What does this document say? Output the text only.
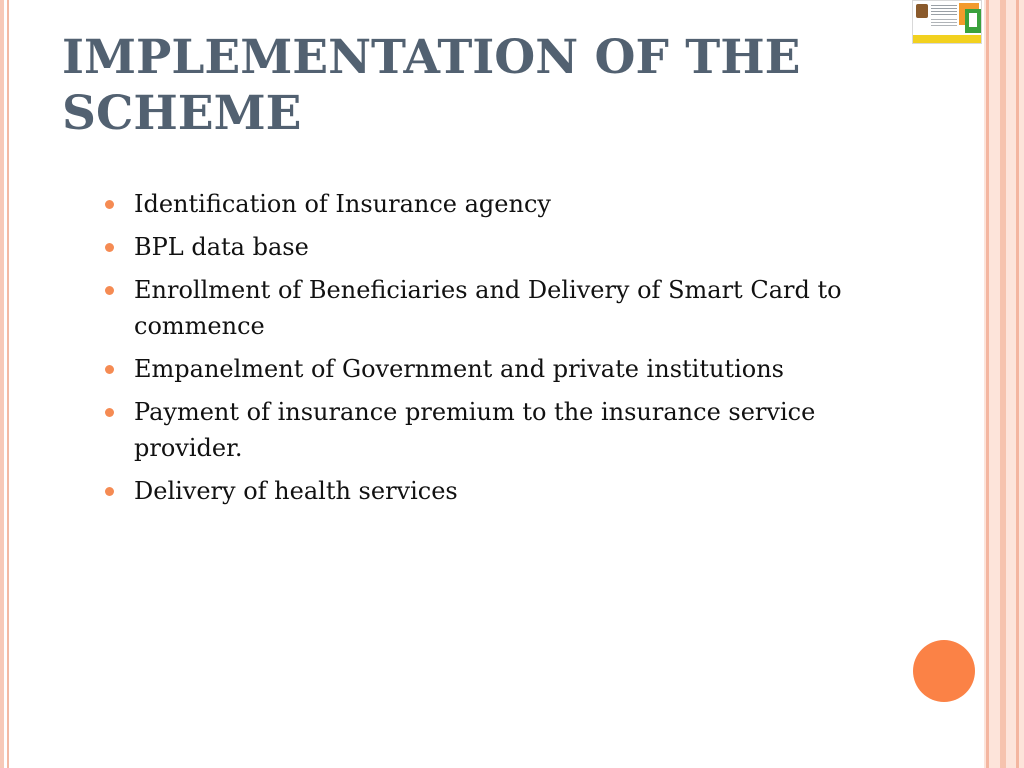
IMPLEMENTATION OF THE SCHEME
Identification of Insurance agency
BPL data base
Enrollment of Beneficiaries and Delivery of Smart Card to commence
Empanelment of Government and private institutions
Payment of insurance premium to the insurance service provider.
Delivery of health services
